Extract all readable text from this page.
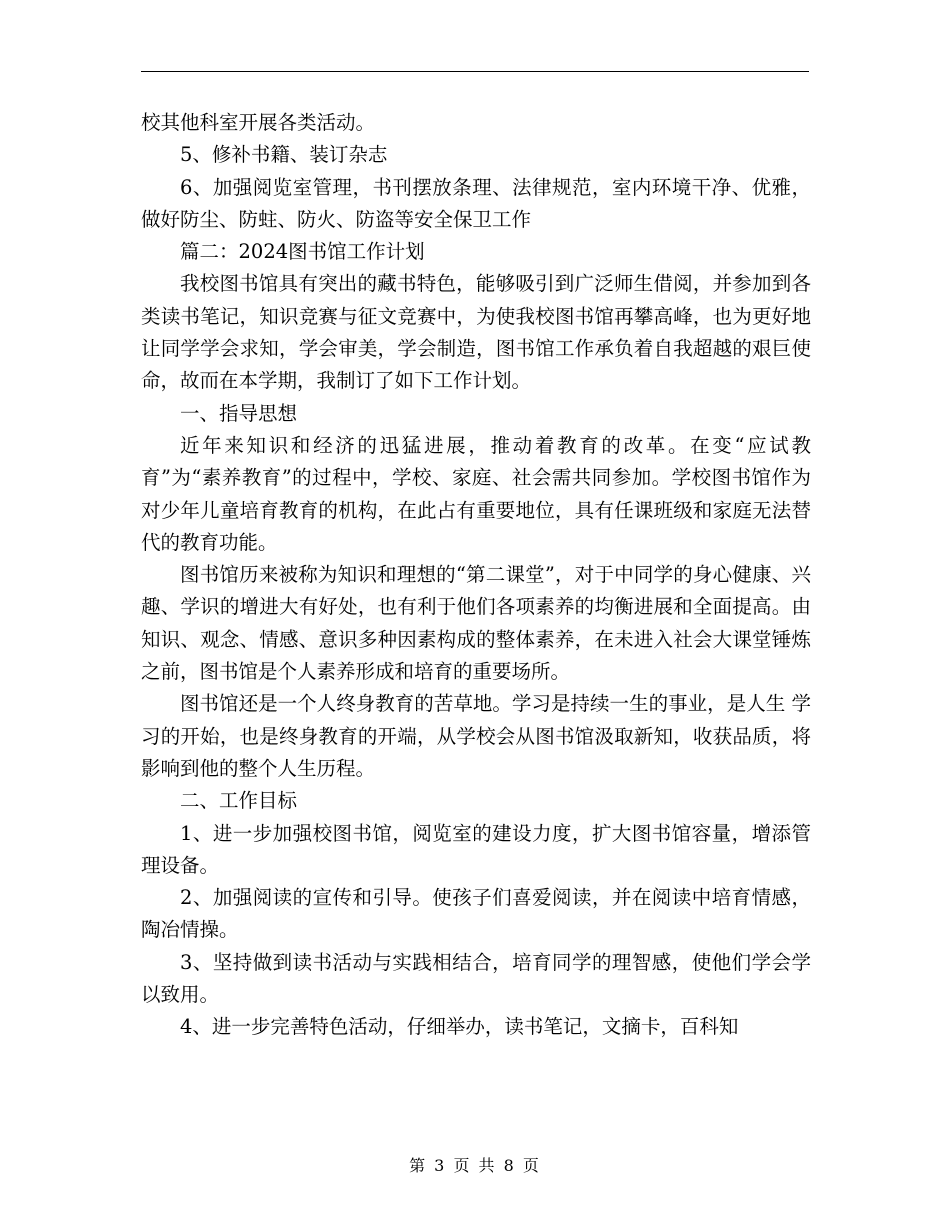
校其他科室开展各类活动。

5、修补书籍、装订杂志

6、加强阅览室管理，书刊摆放条理、法律规范，室内环境干净、优雅，做好防尘、防蛀、防火、防盗等安全保卫工作

篇二：2024图书馆工作计划

我校图书馆具有突出的藏书特色，能够吸引到广泛师生借阅，并参加到各类读书笔记，知识竞赛与征文竞赛中，为使我校图书馆再攀高峰，也为更好地让同学学会求知，学会审美，学会制造，图书馆工作承负着自我超越的艰巨使命，故而在本学期，我制订了如下工作计划。

一、指导思想

近年来知识和经济的迅猛进展，推动着教育的改革。在变“应试教育”为“素养教育”的过程中，学校、家庭、社会需共同参加。学校图书馆作为对少年儿童培育教育的机构，在此占有重要地位，具有任课班级和家庭无法替代的教育功能。

图书馆历来被称为知识和理想的“第二课堂”，对于中同学的身心健康、兴趣、学识的增进大有好处，也有利于他们各项素养的均衡进展和全面提高。由知识、观念、情感、意识多种因素构成的整体素养，在未进入社会大课堂锤炼之前，图书馆是个人素养形成和培育的重要场所。

图书馆还是一个人终身教育的苦草地。学习是持续一生的事业，是人生 学习的开始，也是终身教育的开端，从学校会从图书馆汲取新知，收获品质，将影响到他的整个人生历程。

二、工作目标

1、进一步加强校图书馆，阅览室的建设力度，扩大图书馆容量，增添管理设备。

2、加强阅读的宣传和引导。使孩子们喜爱阅读，并在阅读中培育情感，陶冶情操。

3、坚持做到读书活动与实践相结合，培育同学的理智感，使他们学会学以致用。

4、进一步完善特色活动，仔细举办，读书笔记，文摘卡，百科知

第 3 页 共 8 页
